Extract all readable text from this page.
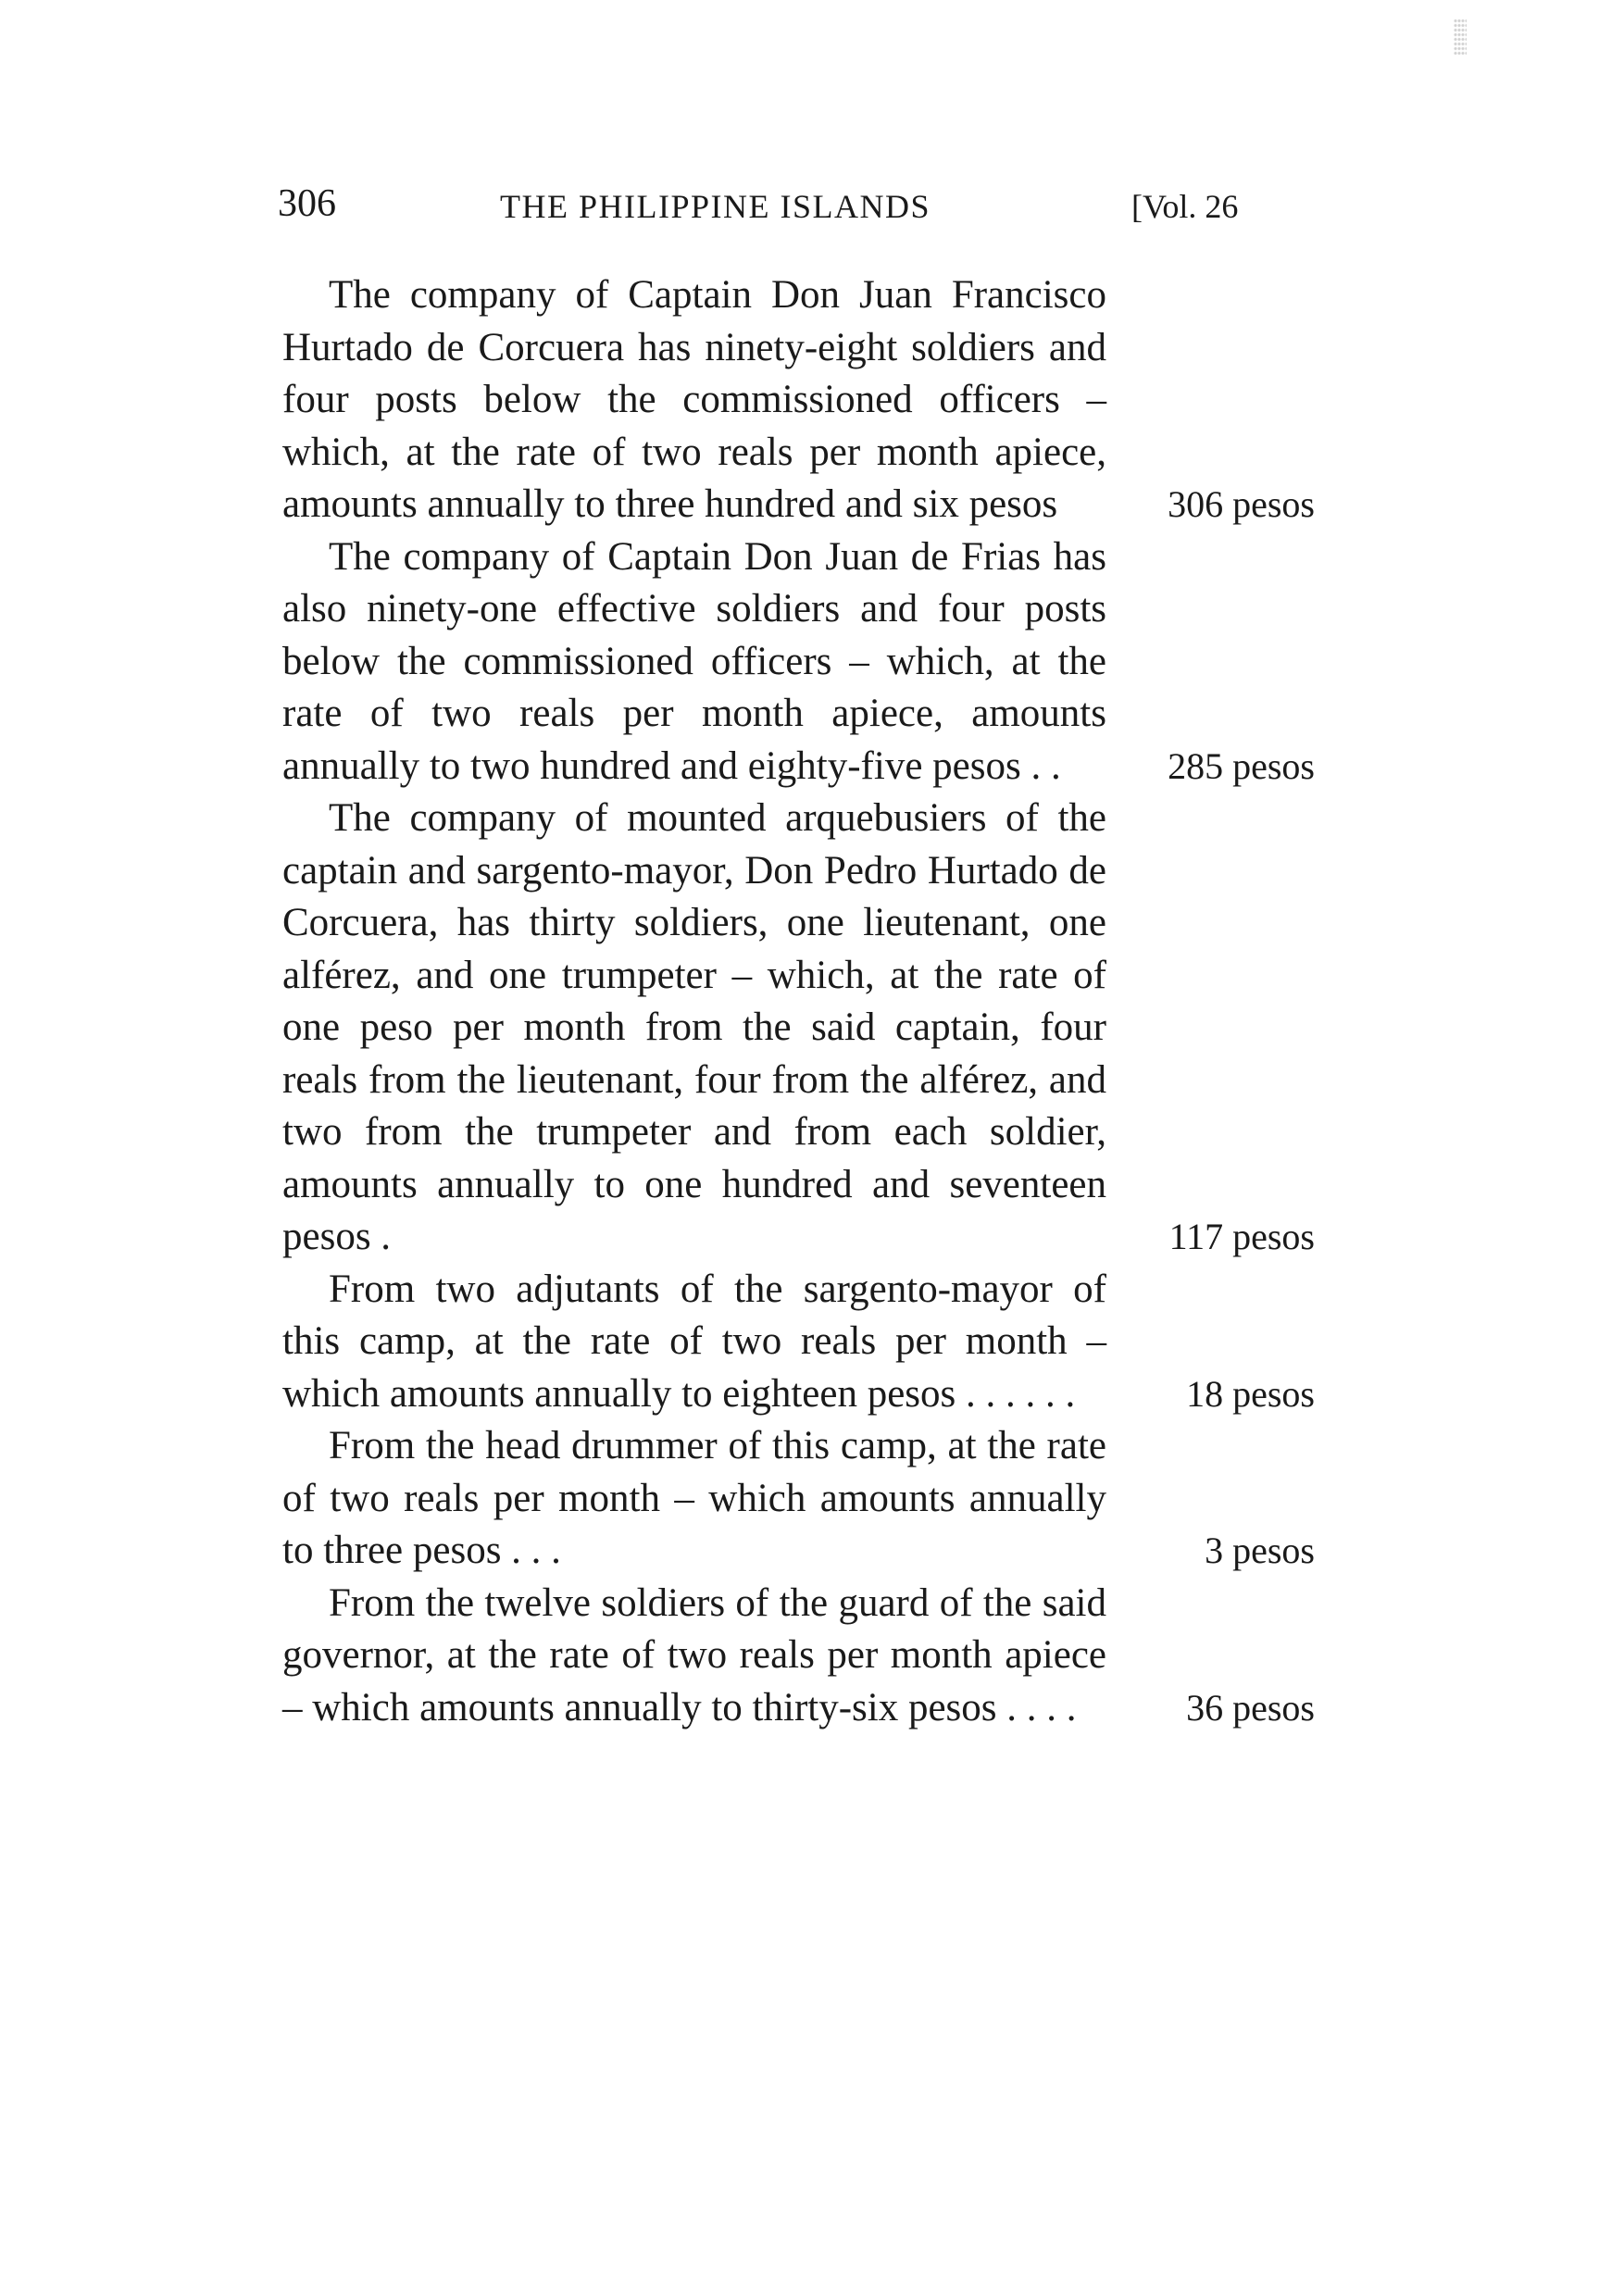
306	THE PHILIPPINE ISLANDS	[Vol. 26
The company of Captain Don Juan Francisco Hurtado de Corcuera has ninety-eight soldiers and four posts below the commissioned officers – which, at the rate of two reals per month apiece, amounts annually to three hundred and six pesos	306 pesos
The company of Captain Don Juan de Frias has also ninety-one effective soldiers and four posts below the commissioned officers – which, at the rate of two reals per month apiece, amounts annually to two hundred and eighty-five pesos . .	285 pesos
The company of mounted arquebusiers of the captain and sargento-mayor, Don Pedro Hurtado de Corcuera, has thirty soldiers, one lieutenant, one alférez, and one trumpeter – which, at the rate of one peso per month from the said captain, four reals from the lieutenant, four from the alférez, and two from the trumpeter and from each soldier, amounts annually to one hundred and seventeen pesos .	117 pesos
From two adjutants of the sargento-mayor of this camp, at the rate of two reals per month – which amounts annually to eighteen pesos . . . . . .	18 pesos
From the head drummer of this camp, at the rate of two reals per month – which amounts annually to three pesos . . .	3 pesos
From the twelve soldiers of the guard of the said governor, at the rate of two reals per month apiece – which amounts annually to thirty-six pesos . . . .	36 pesos
